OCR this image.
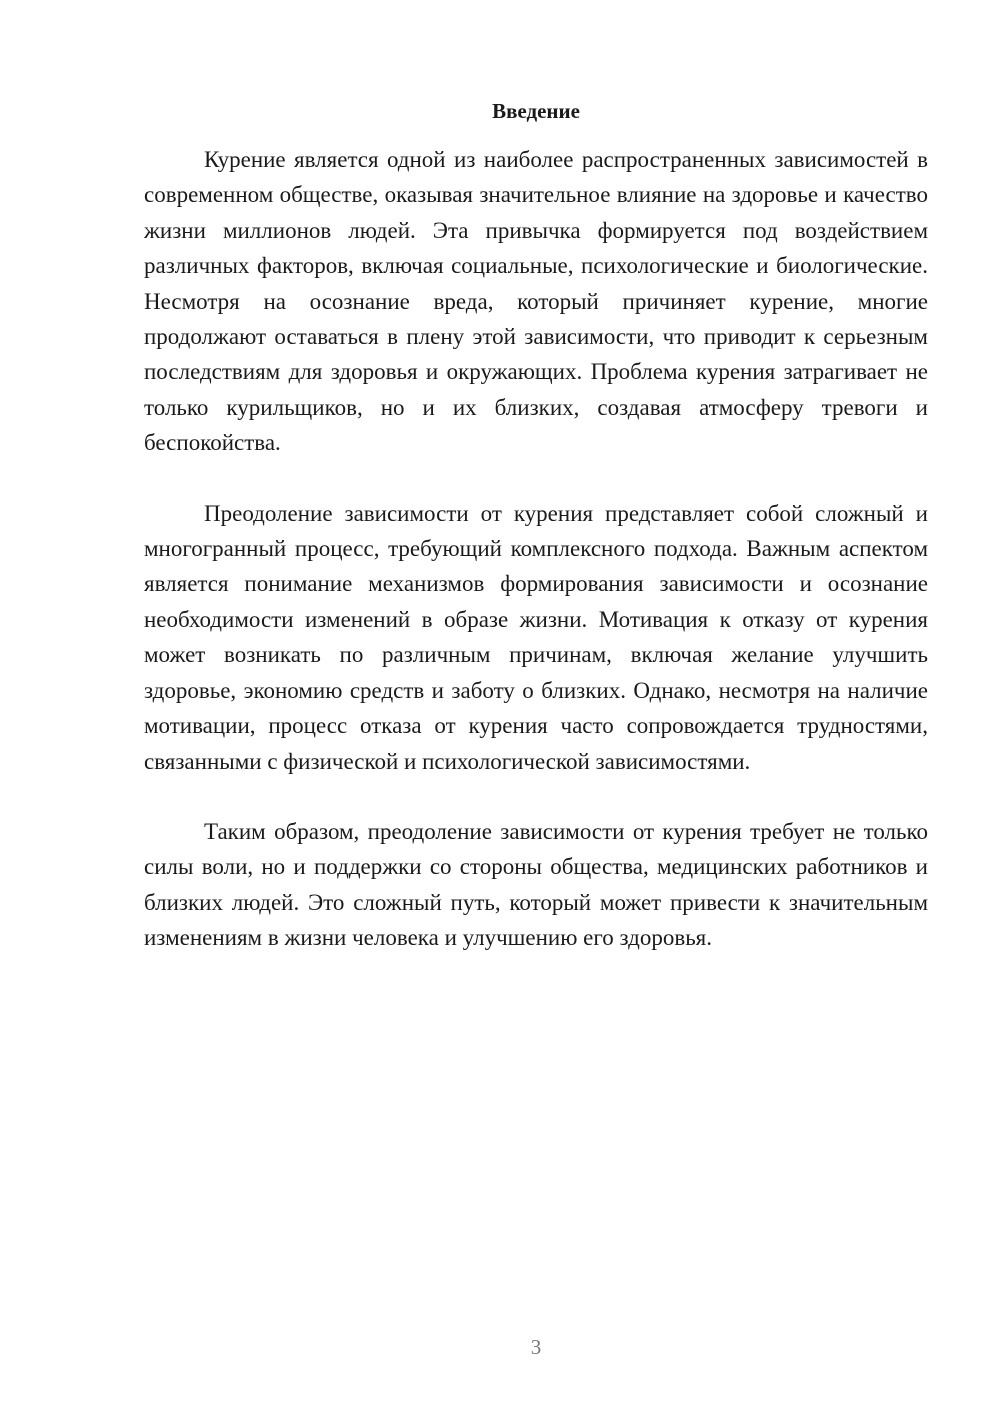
Введение

Курение является одной из наиболее распространенных зависимостей в современном обществе, оказывая значительное влияние на здоровье и качество жизни миллионов людей. Эта привычка формируется под воздействием различных факторов, включая социальные, психологические и биологические. Несмотря на осознание вреда, который причиняет курение, многие продолжают оставаться в плену этой зависимости, что приводит к серьезным последствиям для здоровья и окружающих. Проблема курения затрагивает не только курильщиков, но и их близких, создавая атмосферу тревоги и беспокойства.

Преодоление зависимости от курения представляет собой сложный и многогранный процесс, требующий комплексного подхода. Важным аспектом является понимание механизмов формирования зависимости и осознание необходимости изменений в образе жизни. Мотивация к отказу от курения может возникать по различным причинам, включая желание улучшить здоровье, экономию средств и заботу о близких. Однако, несмотря на наличие мотивации, процесс отказа от курения часто сопровождается трудностями, связанными с физической и психологической зависимостями.

Таким образом, преодоление зависимости от курения требует не только силы воли, но и поддержки со стороны общества, медицинских работников и близких людей. Это сложный путь, который может привести к значительным изменениям в жизни человека и улучшению его здоровья.

3
